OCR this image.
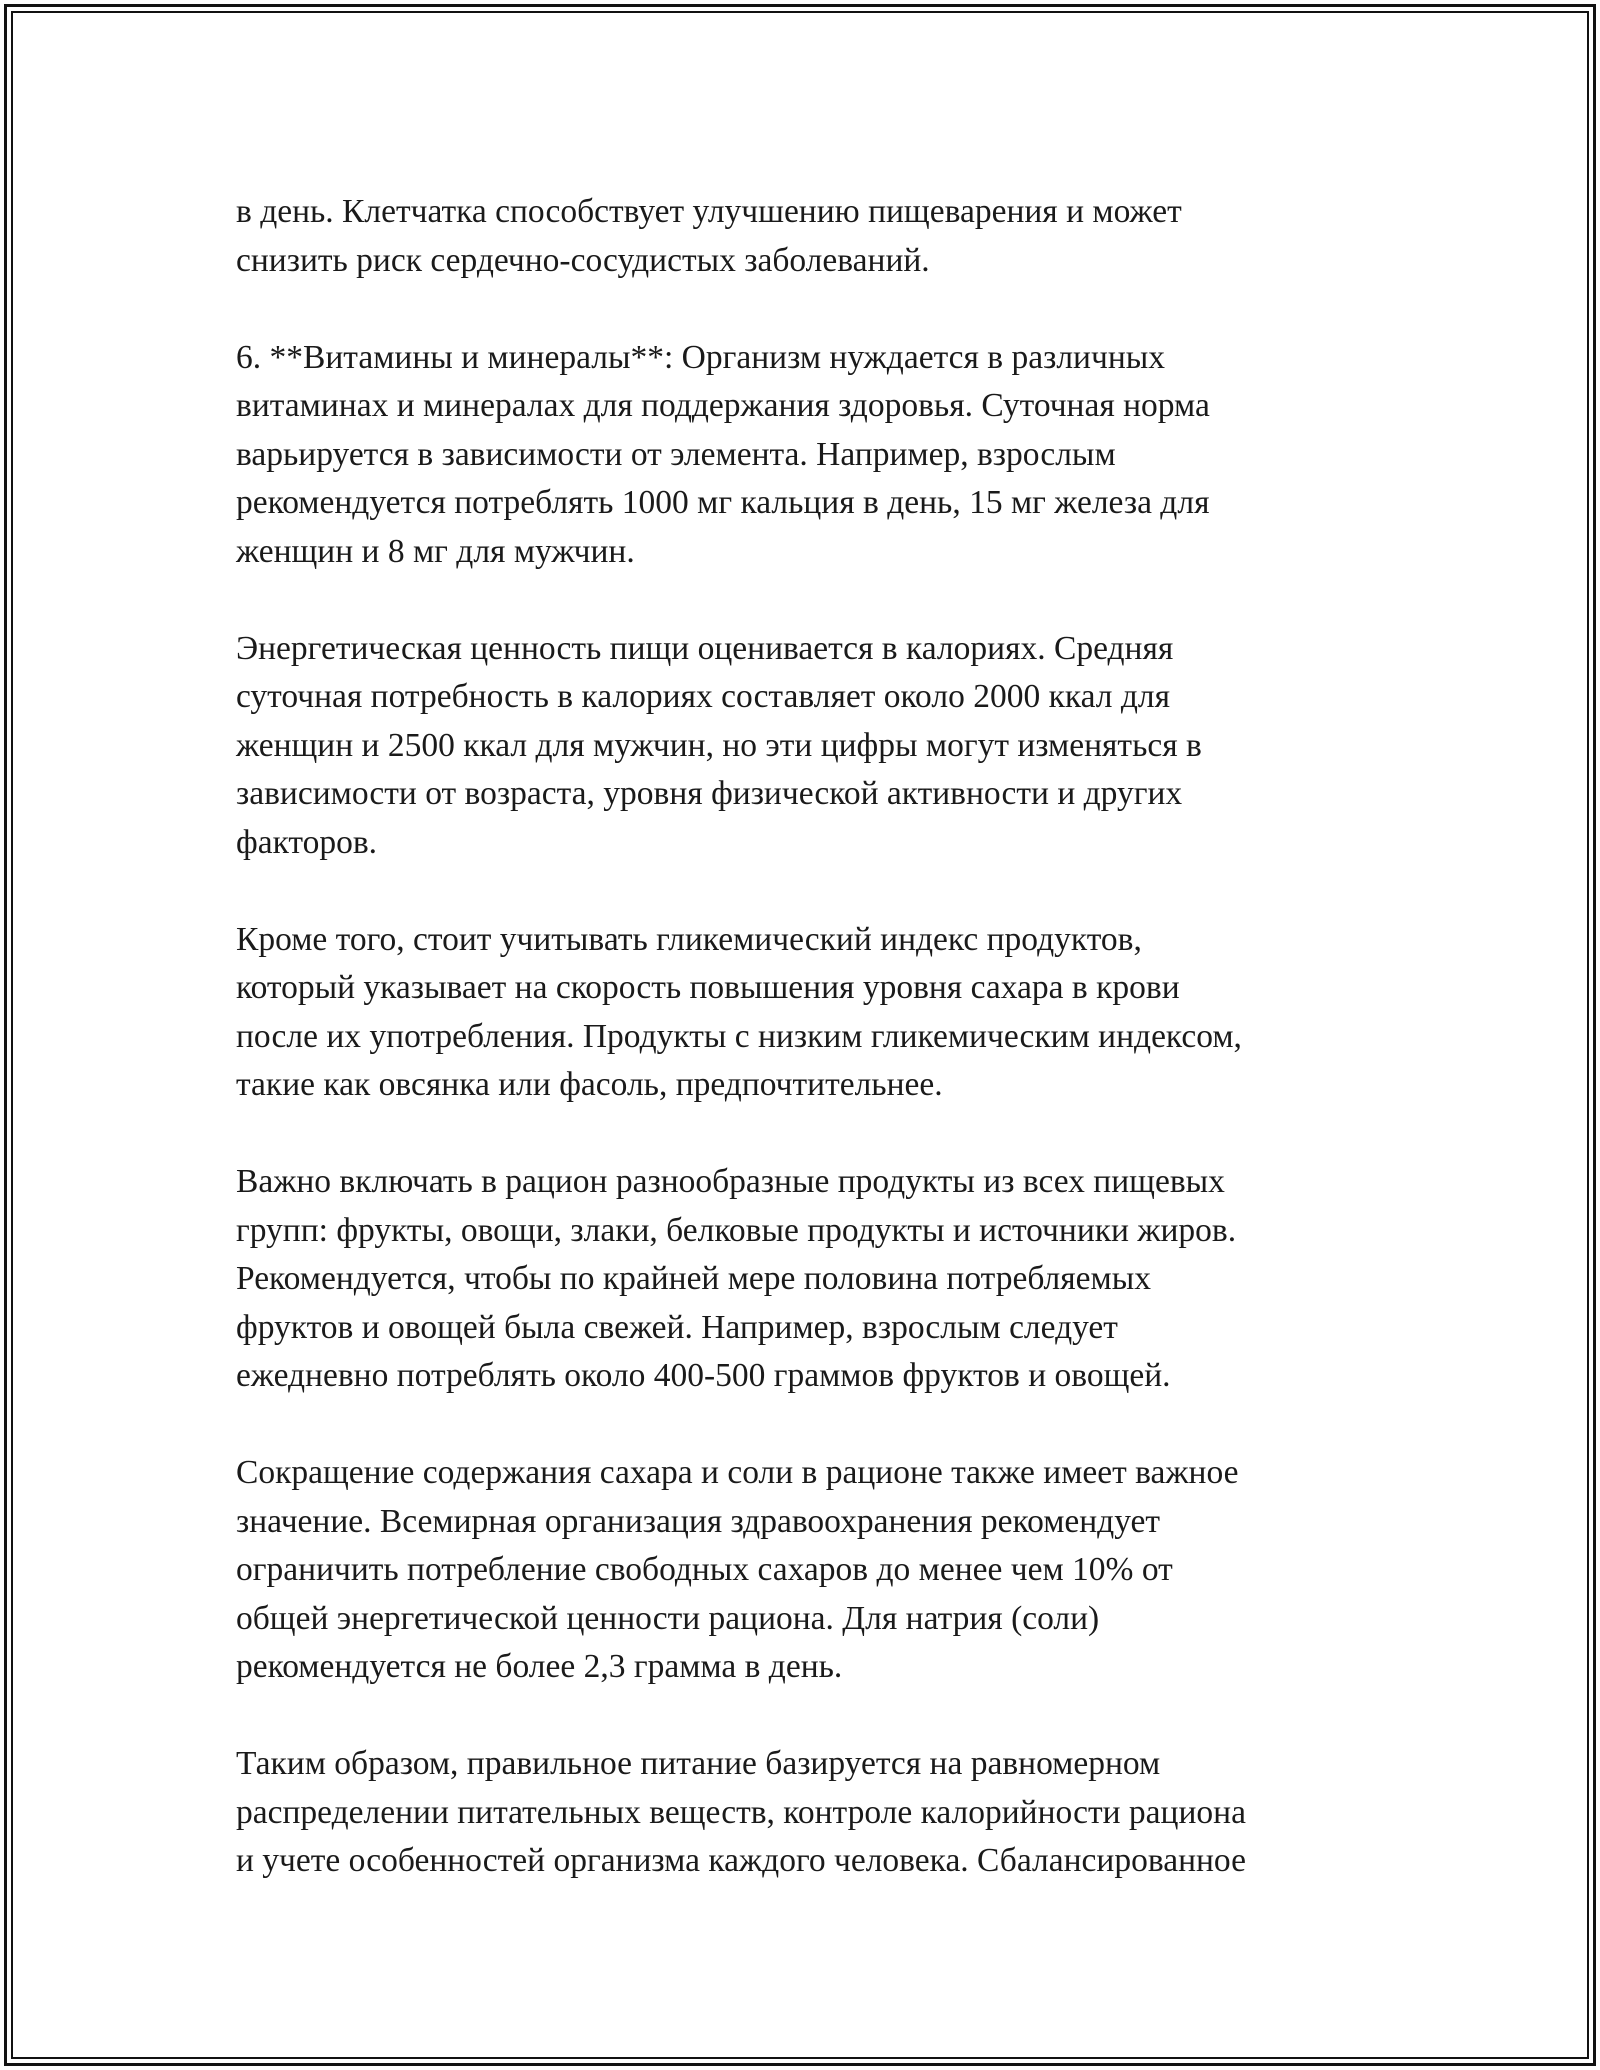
в день. Клетчатка способствует улучшению пищеварения и может
снизить риск сердечно-сосудистых заболеваний.

6. **Витамины и минералы**: Организм нуждается в различных
витаминах и минералах для поддержания здоровья. Суточная норма
варьируется в зависимости от элемента. Например, взрослым
рекомендуется потреблять 1000 мг кальция в день, 15 мг железа для
женщин и 8 мг для мужчин.

Энергетическая ценность пищи оценивается в калориях. Средняя
суточная потребность в калориях составляет около 2000 ккал для
женщин и 2500 ккал для мужчин, но эти цифры могут изменяться в
зависимости от возраста, уровня физической активности и других
факторов.

Кроме того, стоит учитывать гликемический индекс продуктов,
который указывает на скорость повышения уровня сахара в крови
после их употребления. Продукты с низким гликемическим индексом,
такие как овсянка или фасоль, предпочтительнее.

Важно включать в рацион разнообразные продукты из всех пищевых
групп: фрукты, овощи, злаки, белковые продукты и источники жиров.
Рекомендуется, чтобы по крайней мере половина потребляемых
фруктов и овощей была свежей. Например, взрослым следует
ежедневно потреблять около 400-500 граммов фруктов и овощей.

Сокращение содержания сахара и соли в рационе также имеет важное
значение. Всемирная организация здравоохранения рекомендует
ограничить потребление свободных сахаров до менее чем 10% от
общей энергетической ценности рациона. Для натрия (соли)
рекомендуется не более 2,3 грамма в день.

Таким образом, правильное питание базируется на равномерном
распределении питательных веществ, контроле калорийности рациона
и учете особенностей организма каждого человека. Сбалансированное
